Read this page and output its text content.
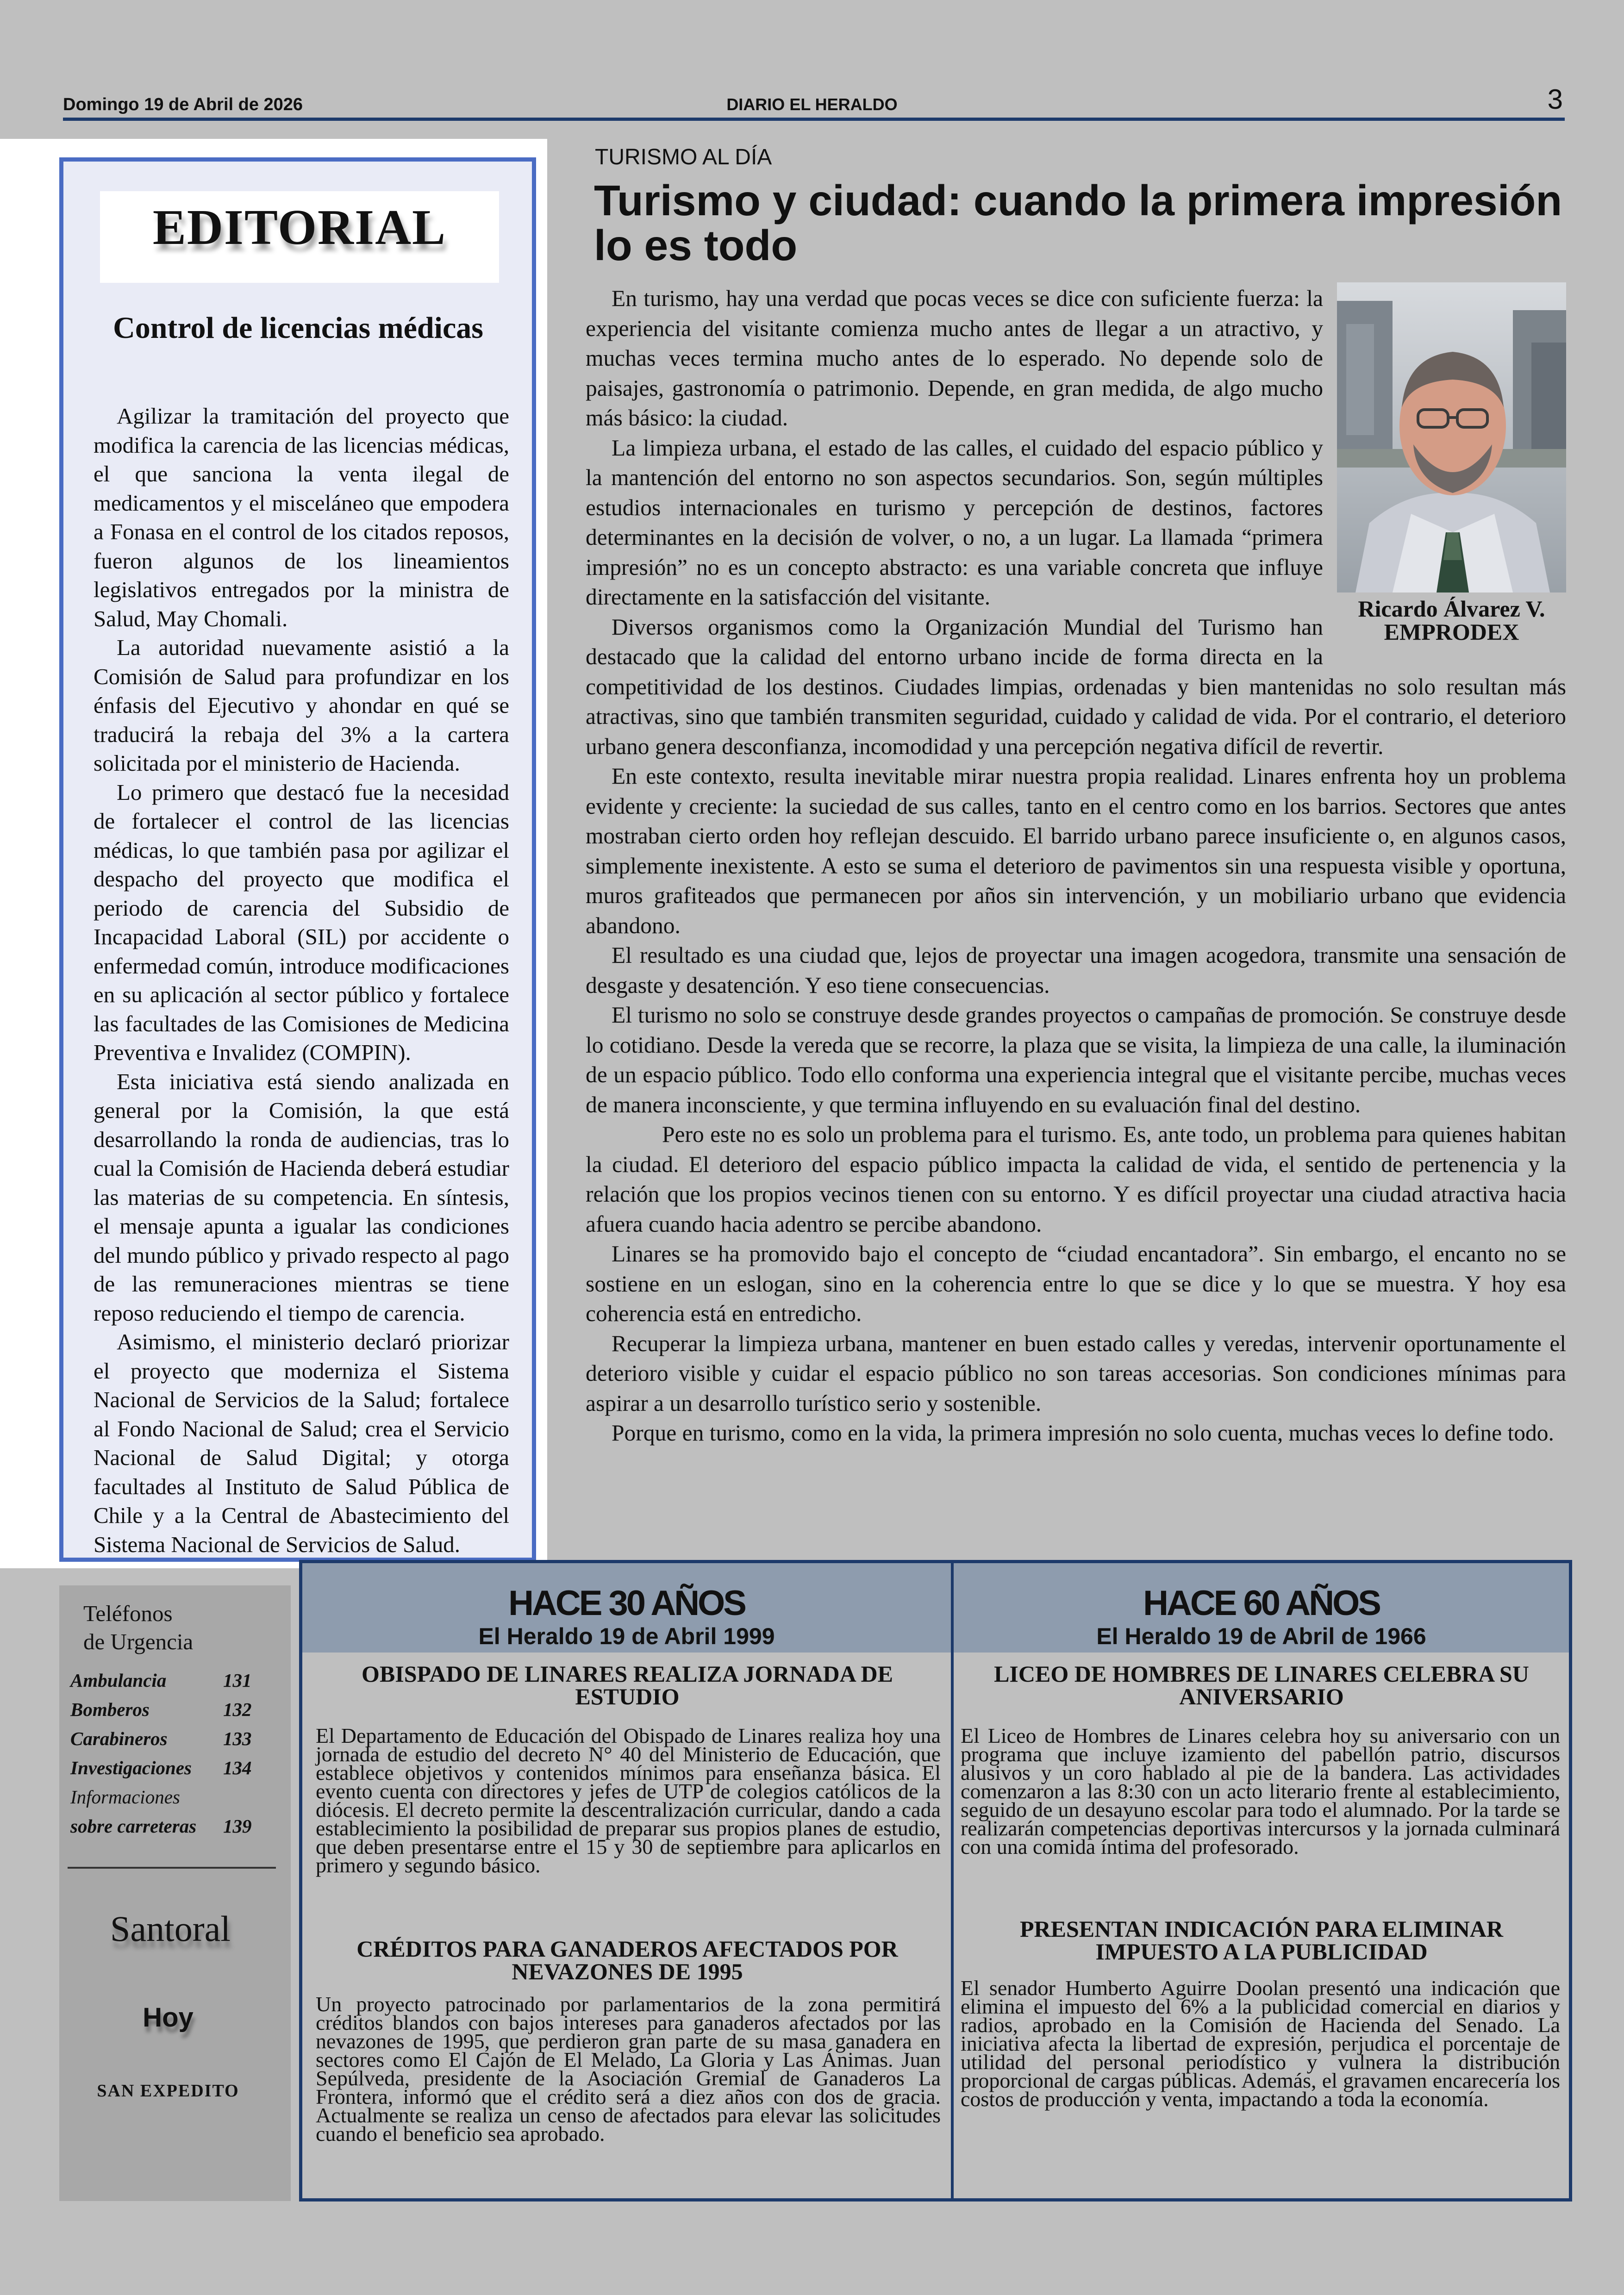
Domingo 19 de Abril de 2026	DIARIO EL HERALDO	3
EDITORIAL
Control de licencias médicas

Agilizar la tramitación del proyecto que modifica la carencia de las licencias médicas, el que sanciona la venta ilegal de medicamentos y el misceláneo que empodera a Fonasa en el control de los citados reposos, fueron algunos de los lineamientos legislativos entregados por la ministra de Salud, May Chomali.

La autoridad nuevamente asistió a la Comisión de Salud para profundizar en los énfasis del Ejecutivo y ahondar en qué se traducirá la rebaja del 3% a la cartera solicitada por el ministerio de Hacienda.

Lo primero que destacó fue la necesidad de fortalecer el control de las licencias médicas, lo que también pasa por agilizar el despacho del proyecto que modifica el periodo de carencia del Subsidio de Incapacidad Laboral (SIL) por accidente o enfermedad común, introduce modificaciones en su aplicación al sector público y fortalece las facultades de las Comisiones de Medicina Preventiva e Invalidez (COMPIN).

Esta iniciativa está siendo analizada en general por la Comisión, la que está desarrollando la ronda de audiencias, tras lo cual la Comisión de Hacienda deberá estudiar las materias de su competencia. En síntesis, el mensaje apunta a igualar las condiciones del mundo público y privado respecto al pago de las remuneraciones mientras se tiene reposo reduciendo el tiempo de carencia.

Asimismo, el ministerio declaró priorizar el proyecto que moderniza el Sistema Nacional de Servicios de la Salud; fortalece al Fondo Nacional de Salud; crea el Servicio Nacional de Salud Digital; y otorga facultades al Instituto de Salud Pública de Chile y a la Central de Abastecimiento del Sistema Nacional de Servicios de Salud.

TURISMO AL DÍA
Turismo y ciudad: cuando la primera impresión lo es todo

En turismo, hay una verdad que pocas veces se dice con suficiente fuerza: la experiencia del visitante comienza mucho antes de llegar a un atractivo, y muchas veces termina mucho antes de lo esperado. No depende solo de paisajes, gastronomía o patrimonio. Depende, en gran medida, de algo mucho más básico: la ciudad.

La limpieza urbana, el estado de las calles, el cuidado del espacio público y la mantención del entorno no son aspectos secundarios. Son, según múltiples estudios internacionales en turismo y percepción de destinos, factores determinantes en la decisión de volver, o no, a un lugar. La llamada “primera impresión” no es un concepto abstracto: es una variable concreta que influye directamente en la satisfacción del visitante.

Diversos organismos como la Organización Mundial del Turismo han destacado que la calidad del entorno urbano incide de forma directa en la competitividad de los destinos. Ciudades limpias, ordenadas y bien mantenidas no solo resultan más atractivas, sino que también transmiten seguridad, cuidado y calidad de vida. Por el contrario, el deterioro urbano genera desconfianza, incomodidad y una percepción negativa difícil de revertir.

En este contexto, resulta inevitable mirar nuestra propia realidad. Linares enfrenta hoy un problema evidente y creciente: la suciedad de sus calles, tanto en el centro como en los barrios. Sectores que antes mostraban cierto orden hoy reflejan descuido. El barrido urbano parece insuficiente o, en algunos casos, simplemente inexistente. A esto se suma el deterioro de pavimentos sin una respuesta visible y oportuna, muros grafiteados que permanecen por años sin intervención, y un mobiliario urbano que evidencia abandono.

El resultado es una ciudad que, lejos de proyectar una imagen acogedora, transmite una sensación de desgaste y desatención. Y eso tiene consecuencias.

El turismo no solo se construye desde grandes proyectos o campañas de promoción. Se construye desde lo cotidiano. Desde la vereda que se recorre, la plaza que se visita, la limpieza de una calle, la iluminación de un espacio público. Todo ello conforma una experiencia integral que el visitante percibe, muchas veces de manera inconsciente, y que termina influyendo en su evaluación final del destino.

Pero este no es solo un problema para el turismo. Es, ante todo, un problema para quienes habitan la ciudad. El deterioro del espacio público impacta la calidad de vida, el sentido de pertenencia y la relación que los propios vecinos tienen con su entorno. Y es difícil proyectar una ciudad atractiva hacia afuera cuando hacia adentro se percibe abandono.

Linares se ha promovido bajo el concepto de “ciudad encantadora”. Sin embargo, el encanto no se sostiene en un eslogan, sino en la coherencia entre lo que se dice y lo que se muestra. Y hoy esa coherencia está en entredicho.

Recuperar la limpieza urbana, mantener en buen estado calles y veredas, intervenir oportunamente el deterioro visible y cuidar el espacio público no son tareas accesorias. Son condiciones mínimas para aspirar a un desarrollo turístico serio y sostenible.

Porque en turismo, como en la vida, la primera impresión no solo cuenta, muchas veces lo define todo.

Ricardo Álvarez V.
EMPRODEX
Teléfonos
de Urgencia
Ambulancia	131
Bomberos	132
Carabineros	133
Investigaciones 134
Informaciones
sobre carreteras 139
Santoral
Hoy
SAN EXPEDITO
HACE 30 AÑOS
El Heraldo 19 de Abril 1999
OBISPADO DE LINARES REALIZA JORNADA DE ESTUDIO
El Departamento de Educación del Obispado de Linares realiza hoy una jornada de estudio del decreto N° 40 del Ministerio de Educación, que establece objetivos y contenidos mínimos para enseñanza básica. El evento cuenta con directores y jefes de UTP de colegios católicos de la diócesis. El decreto permite la descentralización curricular, dando a cada establecimiento la posibilidad de preparar sus propios planes de estudio, que deben presentarse entre el 15 y 30 de septiembre para aplicarlos en primero y segundo básico.
CRÉDITOS PARA GANADEROS AFECTADOS POR NEVAZONES DE 1995
Un proyecto patrocinado por parlamentarios de la zona permitirá créditos blandos con bajos intereses para ganaderos afectados por las nevazones de 1995, que perdieron gran parte de su masa ganadera en sectores como El Cajón de El Melado, La Gloria y Las Ánimas. Juan Sepúlveda, presidente de la Asociación Gremial de Ganaderos La Frontera, informó que el crédito será a diez años con dos de gracia. Actualmente se realiza un censo de afectados para elevar las solicitudes cuando el beneficio sea aprobado.
HACE 60 AÑOS
El Heraldo 19 de Abril de 1966
LICEO DE HOMBRES DE LINARES CELEBRA SU ANIVERSARIO
El Liceo de Hombres de Linares celebra hoy su aniversario con un programa que incluye izamiento del pabellón patrio, discursos alusivos y un coro hablado al pie de la bandera. Las actividades comenzaron a las 8:30 con un acto literario frente al establecimiento, seguido de un desayuno escolar para todo el alumnado. Por la tarde se realizarán competencias deportivas intercursos y la jornada culminará con una comida íntima del profesorado.
PRESENTAN INDICACIÓN PARA ELIMINAR IMPUESTO A LA PUBLICIDAD
El senador Humberto Aguirre Doolan presentó una indicación que elimina el impuesto del 6% a la publicidad comercial en diarios y radios, aprobado en la Comisión de Hacienda del Senado. La iniciativa afecta la libertad de expresión, perjudica el porcentaje de utilidad del personal periodístico y vulnera la distribución proporcional de cargas públicas. Además, el gravamen encarecería los costos de producción y venta, impactando a toda la economía.
